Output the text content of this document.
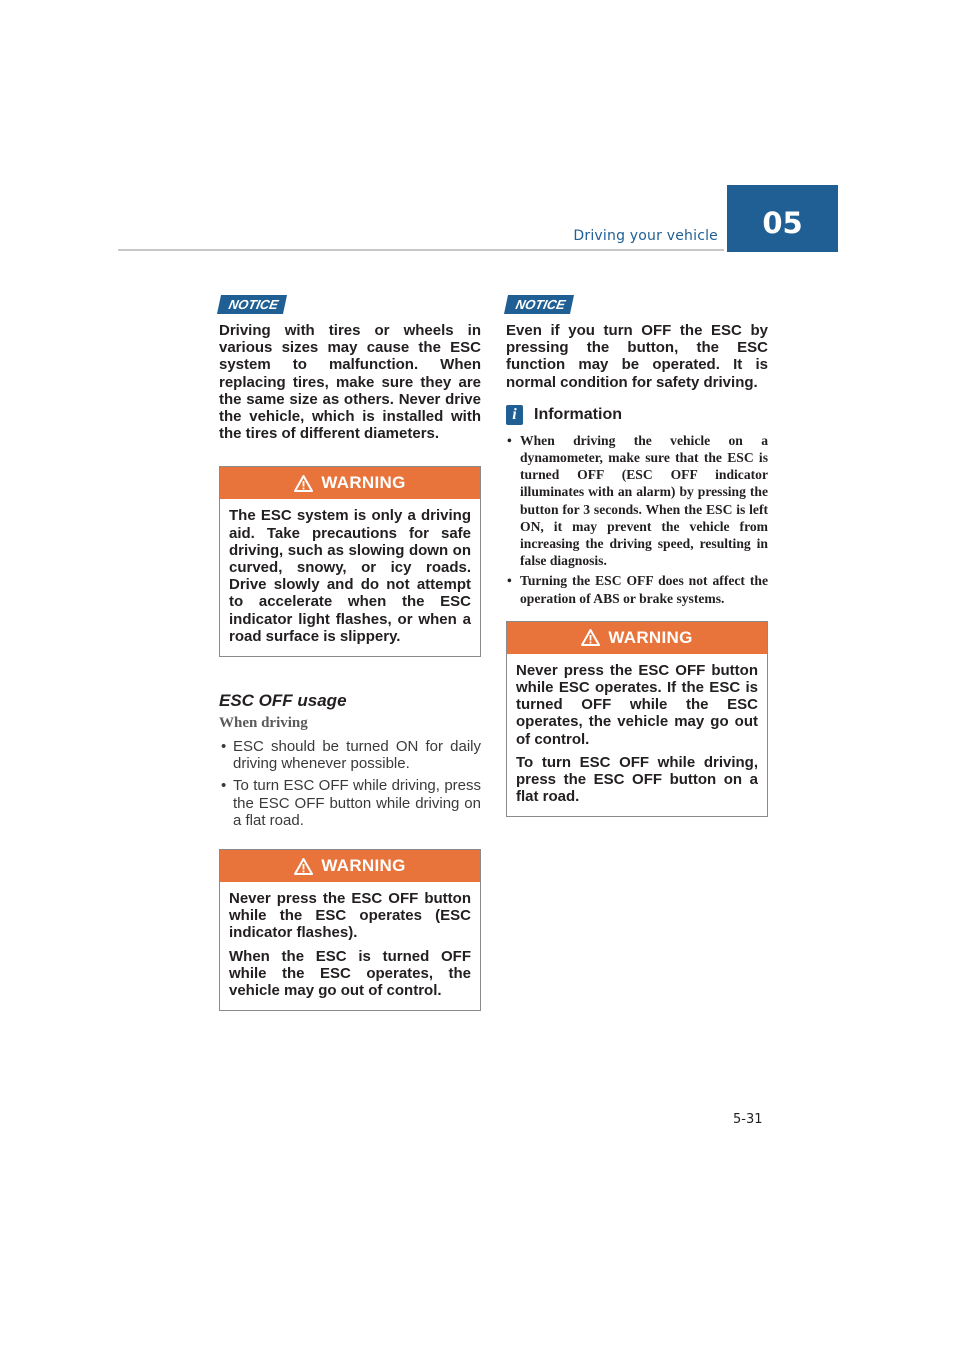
Driving your vehicle 05
NOTICE

Driving with tires or wheels in various sizes may cause the ESC system to malfunction. When replacing tires, make sure they are the same size as others. Never drive the vehicle, which is installed with the tires of different diameters.

WARNING

The ESC system is only a driving aid. Take precautions for safe driving, such as slowing down on curved, snowy, or icy roads. Drive slowly and do not attempt to accelerate when the ESC indicator light flashes, or when a road surface is slippery.

ESC OFF usage
When driving
• ESC should be turned ON for daily driving whenever possible.
• To turn ESC OFF while driving, press the ESC OFF button while driving on a flat road.
WARNING

Never press the ESC OFF button while the ESC operates (ESC indicator flashes).

When the ESC is turned OFF while the ESC operates, the vehicle may go out of control.

NOTICE

Even if you turn OFF the ESC by pressing the button, the ESC function may be operated. It is normal condition for safety driving.

i	Information
• When driving the vehicle on a dynamometer, make sure that the ESC is turned OFF (ESC OFF indicator illuminates with an alarm) by pressing the button for 3 seconds. When the ESC is left ON, it may prevent the vehicle from increasing the driving speed, resulting in false diagnosis.
• Turning the ESC OFF does not affect the operation of ABS or brake systems.
WARNING

Never press the ESC OFF button while ESC operates. If the ESC is turned OFF while the ESC operates, the vehicle may go out of control.

To turn ESC OFF while driving, press the ESC OFF button on a flat road.

5-31
